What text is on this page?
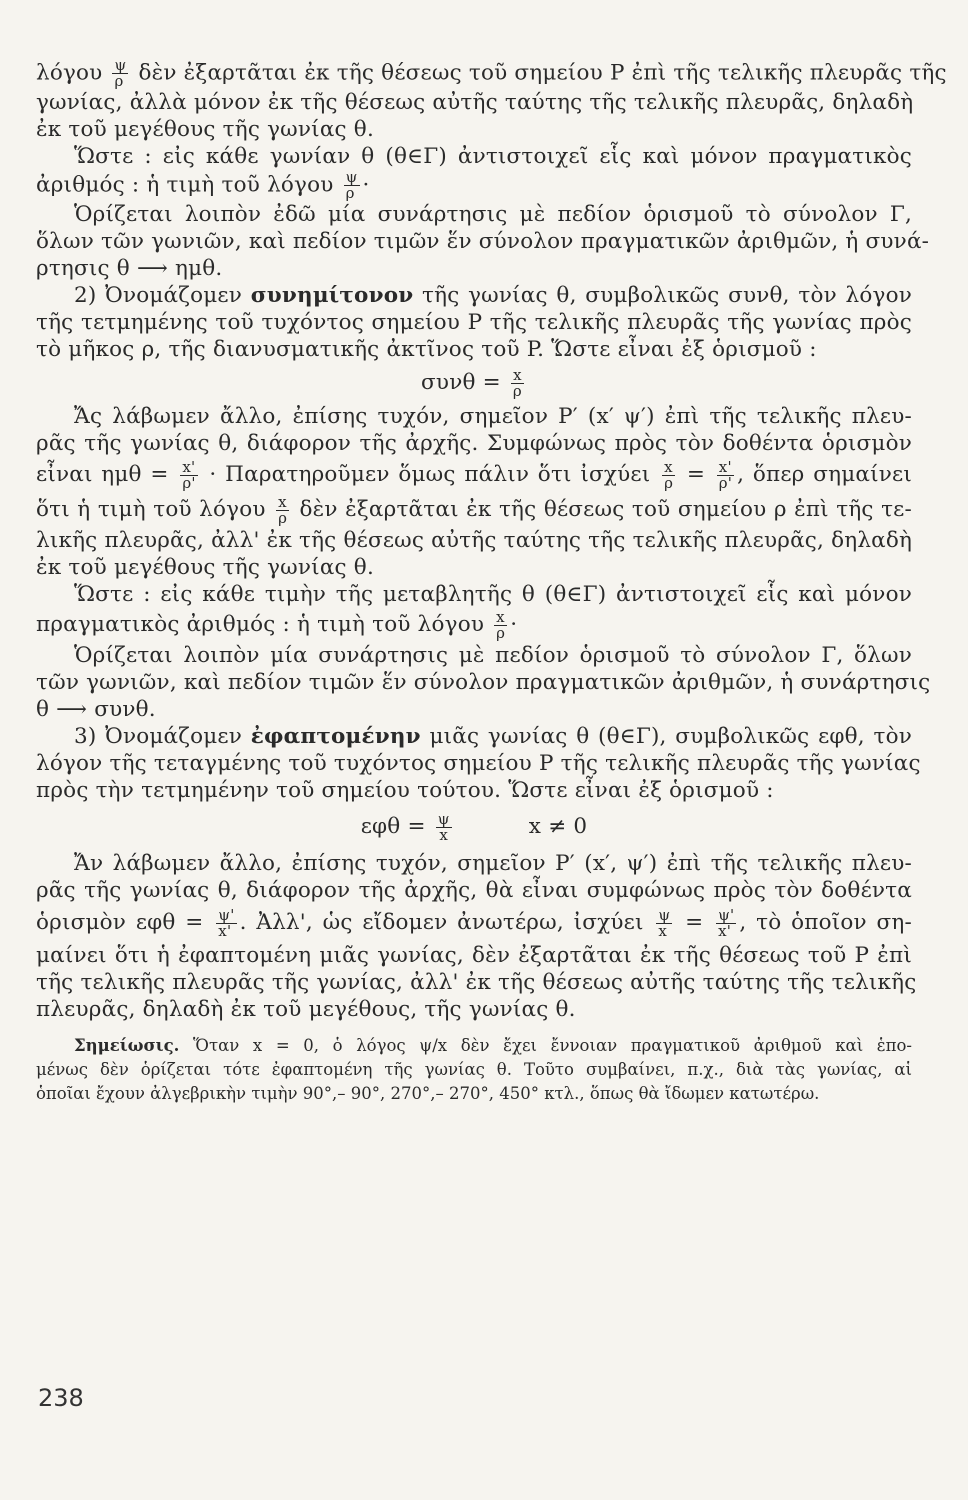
λόγου $\frac{\psi}{\rho}$ δὲν ἐξαρτᾶται ἐκ τῆς θέσεως τοῦ σημείου P ἐπὶ τῆς τελικῆς πλευρᾶς τῆς
γωνίας, ἀλλὰ μόνον ἐκ τῆς θέσεως αὐτῆς ταύτης τῆς τελικῆς πλευρᾶς, δηλαδὴ
ἐκ τοῦ μεγέθους τῆς γωνίας θ.
Ὥστε : εἰς κάθε γωνίαν θ (θ∈Γ) ἀντιστοιχεῖ εἷς καὶ μόνον πραγματικὸς
ἀριθμός : ἡ τιμὴ τοῦ λόγου $\frac{\psi}{\rho}$ ·
Ὁρίζεται λοιπὸν ἐδῶ μία συνάρτησις μὲ πεδίον ὁρισμοῦ τὸ σύνολον Γ,
ὅλων τῶν γωνιῶν, καὶ πεδίον τιμῶν ἕν σύνολον πραγματικῶν ἀριθμῶν, ἡ συνά-
ρτησις θ ⟶ ημθ.
2) Ὀνομάζομεν συνημίτονον τῆς γωνίας θ, συμβολικῶς συνθ, τὸν λόγον
τῆς τετμημένης τοῦ τυχόντος σημείου P τῆς τελικῆς πλευρᾶς τῆς γωνίας πρὸς
τὸ μῆκος ρ, τῆς διανυσματικῆς ἀκτῖνος τοῦ P. Ὥστε εἶναι ἐξ ὁρισμοῦ :
$\sigma\upsilon\nu\theta = \frac{x}{\rho}$
Ἄς λάβωμεν ἄλλο, ἐπίσης τυχόν, σημεῖον P′ (x′ ψ′) ἐπὶ τῆς τελικῆς πλευ-
ρᾶς τῆς γωνίας θ, διάφορον τῆς ἀρχῆς. Συμφώνως πρὸς τὸν δοθέντα ὁρισμὸν
εἶναι $\eta\mu\theta = \frac{x'}{\rho'}$ · Παρατηροῦμεν ὅμως πάλιν ὅτι ἰσχύει $\frac{x}{\rho} = \frac{x'}{\rho'}$ , ὅπερ σημαίνει
ὅτι ἡ τιμὴ τοῦ λόγου $\frac{x}{\rho}$ δὲν ἐξαρτᾶται ἐκ τῆς θέσεως τοῦ σημείου ρ ἐπὶ τῆς τε-
λικῆς πλευρᾶς, ἀλλ' ἐκ τῆς θέσεως αὐτῆς ταύτης τῆς τελικῆς πλευρᾶς, δηλαδὴ
ἐκ τοῦ μεγέθους τῆς γωνίας θ.
Ὥστε : εἰς κάθε τιμὴν τῆς μεταβλητῆς θ (θ∈Γ) ἀντιστοιχεῖ εἷς καὶ μόνον
πραγματικὸς ἀριθμός : ἡ τιμὴ τοῦ λόγου $\frac{x}{\rho}$ ·
Ὁρίζεται λοιπὸν μία συνάρτησις μὲ πεδίον ὁρισμοῦ τὸ σύνολον Γ, ὅλων
τῶν γωνιῶν, καὶ πεδίον τιμῶν ἕν σύνολον πραγματικῶν ἀριθμῶν, ἡ συνάρτησις
θ ⟶ συνθ.
3) Ὀνομάζομεν ἐφαπτομένην μιᾶς γωνίας θ (θ∈Γ), συμβολικῶς εφθ, τὸν
λόγον τῆς τεταγμένης τοῦ τυχόντος σημείου P τῆς τελικῆς πλευρᾶς τῆς γωνίας
πρὸς τὴν τετμημένην τοῦ σημείου τούτου. Ὥστε εἶναι ἐξ ὁρισμοῦ :
$\varepsilon\varphi\theta = \frac{\psi}{x}$	x ≠ 0
Ἄν λάβωμεν ἄλλο, ἐπίσης τυχόν, σημεῖον P′ (x′, ψ′) ἐπὶ τῆς τελικῆς πλευ-
ρᾶς τῆς γωνίας θ, διάφορον τῆς ἀρχῆς, θὰ εἶναι συμφώνως πρὸς τὸν δοθέντα
ὁρισμὸν $\varepsilon\varphi\theta = \frac{\psi'}{x'}$ . Ἀλλ', ὡς εἴδομεν ἀνωτέρω, ἰσχύει $\frac{\psi}{x} = \frac{\psi'}{x'}$ , τὸ ὁποῖον ση-
μαίνει ὅτι ἡ ἐφαπτομένη μιᾶς γωνίας, δὲν ἐξαρτᾶται ἐκ τῆς θέσεως τοῦ P ἐπὶ
τῆς τελικῆς πλευρᾶς τῆς γωνίας, ἀλλ' ἐκ τῆς θέσεως αὐτῆς ταύτης τῆς τελικῆς
πλευρᾶς, δηλαδὴ ἐκ τοῦ μεγέθους, τῆς γωνίας θ.
Σημείωσις. Ὅταν x = 0, ὁ λόγος ψ/x δὲν ἔχει ἔννοιαν πραγματικοῦ ἀριθμοῦ καὶ ἑπο-
μένως δὲν ὁρίζεται τότε ἐφαπτομένη τῆς γωνίας θ. Τοῦτο συμβαίνει, π.χ., διὰ τὰς γωνίας, αἱ
ὁποῖαι ἔχουν ἀλγεβρικὴν τιμὴν 90°,– 90°, 270°,– 270°, 450° κτλ., ὅπως θὰ ἴδωμεν κατωτέρω.
238
